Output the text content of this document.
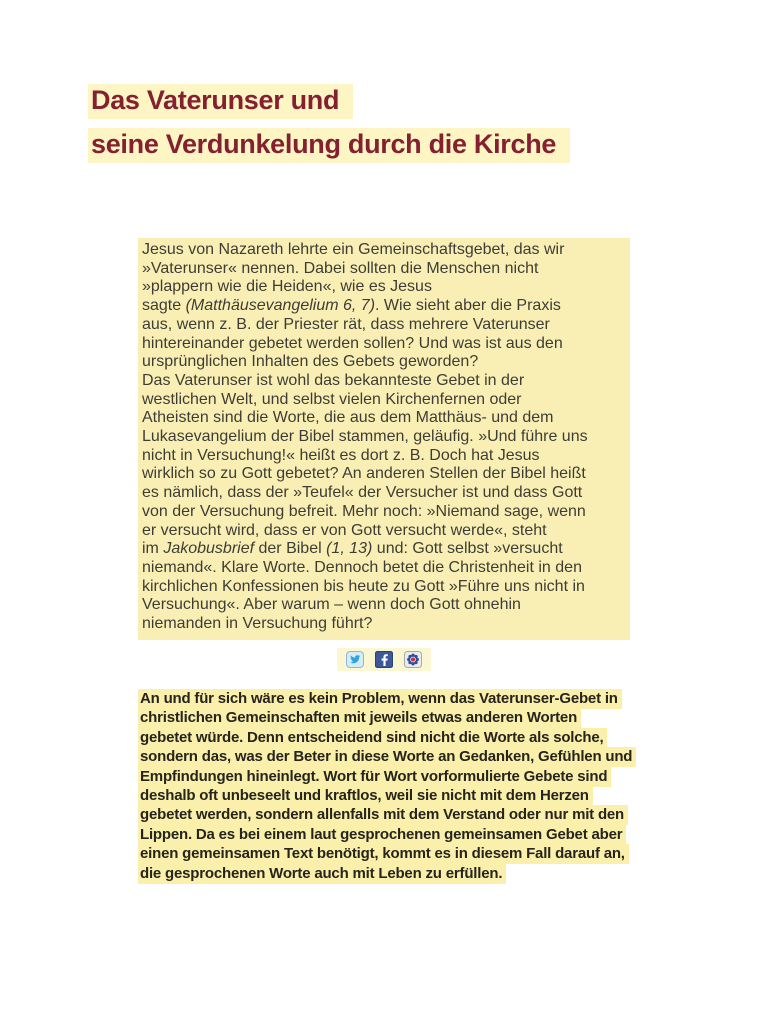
Das Vaterunser und
seine Verdunkelung durch die Kirche
Jesus von Nazareth lehrte ein Gemeinschaftsgebet, das wir
»Vaterunser« nennen. Dabei sollten die Menschen nicht
»plappern wie die Heiden«, wie es Jesus
sagte (Matthäusevangelium 6, 7). Wie sieht aber die Praxis
aus, wenn z. B. der Priester rät, dass mehrere Vaterunser
hintereinander gebetet werden sollen? Und was ist aus den
ursprünglichen Inhalten des Gebets geworden?
Das Vaterunser ist wohl das bekannteste Gebet in der
westlichen Welt, und selbst vielen Kirchenfernen oder
Atheisten sind die Worte, die aus dem Matthäus- und dem
Lukasevangelium der Bibel stammen, geläufig. »Und führe uns
nicht in Versuchung!« heißt es dort z. B. Doch hat Jesus
wirklich so zu Gott gebetet? An anderen Stellen der Bibel heißt
es nämlich, dass der »Teufel« der Versucher ist und dass Gott
von der Versuchung befreit. Mehr noch: »Niemand sage, wenn
er versucht wird, dass er von Gott versucht werde«, steht
im Jakobusbrief der Bibel (1, 13) und: Gott selbst »versucht
niemand«. Klare Worte. Dennoch betet die Christenheit in den
kirchlichen Konfessionen bis heute zu Gott »Führe uns nicht in
Versuchung«. Aber warum – wenn doch Gott ohnehin
niemanden in Versuchung führt?
An und für sich wäre es kein Problem, wenn das Vaterunser-Gebet in
christlichen Gemeinschaften mit jeweils etwas anderen Worten
gebetet würde. Denn entscheidend sind nicht die Worte als solche,
sondern das, was der Beter in diese Worte an Gedanken, Gefühlen und
Empfindungen hineinlegt. Wort für Wort vorformulierte Gebete sind
deshalb oft unbeseelt und kraftlos, weil sie nicht mit dem Herzen
gebetet werden, sondern allenfalls mit dem Verstand oder nur mit den
Lippen. Da es bei einem laut gesprochenen gemeinsamen Gebet aber
einen gemeinsamen Text benötigt, kommt es in diesem Fall darauf an,
die gesprochenen Worte auch mit Leben zu erfüllen.
